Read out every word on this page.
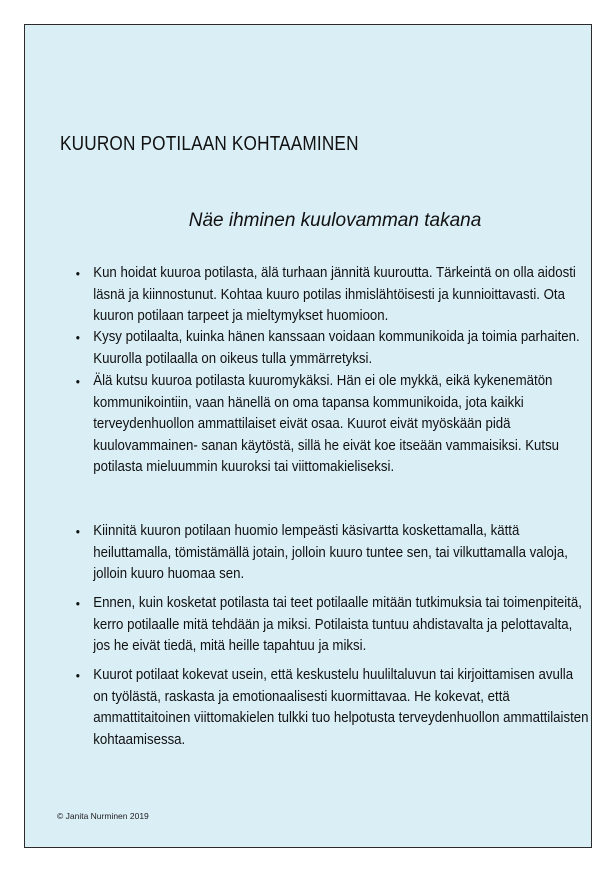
KUURON POTILAAN KOHTAAMINEN
Näe ihminen kuulovamman takana
• Kun hoidat kuuroa potilasta, älä turhaan jännitä kuuroutta. Tärkeintä on olla aidosti läsnä ja kiinnostunut. Kohtaa kuuro potilas ihmislähtöisesti ja kunnioittavasti. Ota kuuron potilaan tarpeet ja mieltymykset huomioon.
• Kysy potilaalta, kuinka hänen kanssaan voidaan kommunikoida ja toimia parhaiten. Kuurolla potilaalla on oikeus tulla ymmärretyksi.
• Älä kutsu kuuroa potilasta kuuromykäksi. Hän ei ole mykkä, eikä kykenemätön kommunikointiin, vaan hänellä on oma tapansa kommunikoida, jota kaikki terveydenhuollon ammattilaiset eivät osaa. Kuurot eivät myöskään pidä kuulovammainen- sanan käytöstä, sillä he eivät koe itseään vammaisiksi. Kutsu potilasta mieluummin kuuroksi tai viittomakieliseksi.
• Kiinnitä kuuron potilaan huomio lempeästi käsivartta koskettamalla, kättä heiluttamalla, tömistämällä jotain, jolloin kuuro tuntee sen, tai vilkuttamalla valoja, jolloin kuuro huomaa sen.
• Ennen, kuin kosketat potilasta tai teet potilaalle mitään tutkimuksia tai toimenpiteitä, kerro potilaalle mitä tehdään ja miksi. Potilaista tuntuu ahdistavalta ja pelottavalta, jos he eivät tiedä, mitä heille tapahtuu ja miksi.
• Kuurot potilaat kokevat usein, että keskustelu huuliltaluvun tai kirjoittamisen avulla on työlästä, raskasta ja emotionaalisesti kuormittavaa. He kokevat, että ammattitaitoinen viittomakielen tulkki tuo helpotusta terveydenhuollon ammattilaisten kohtaamisessa.
© Janita Nurminen 2019
